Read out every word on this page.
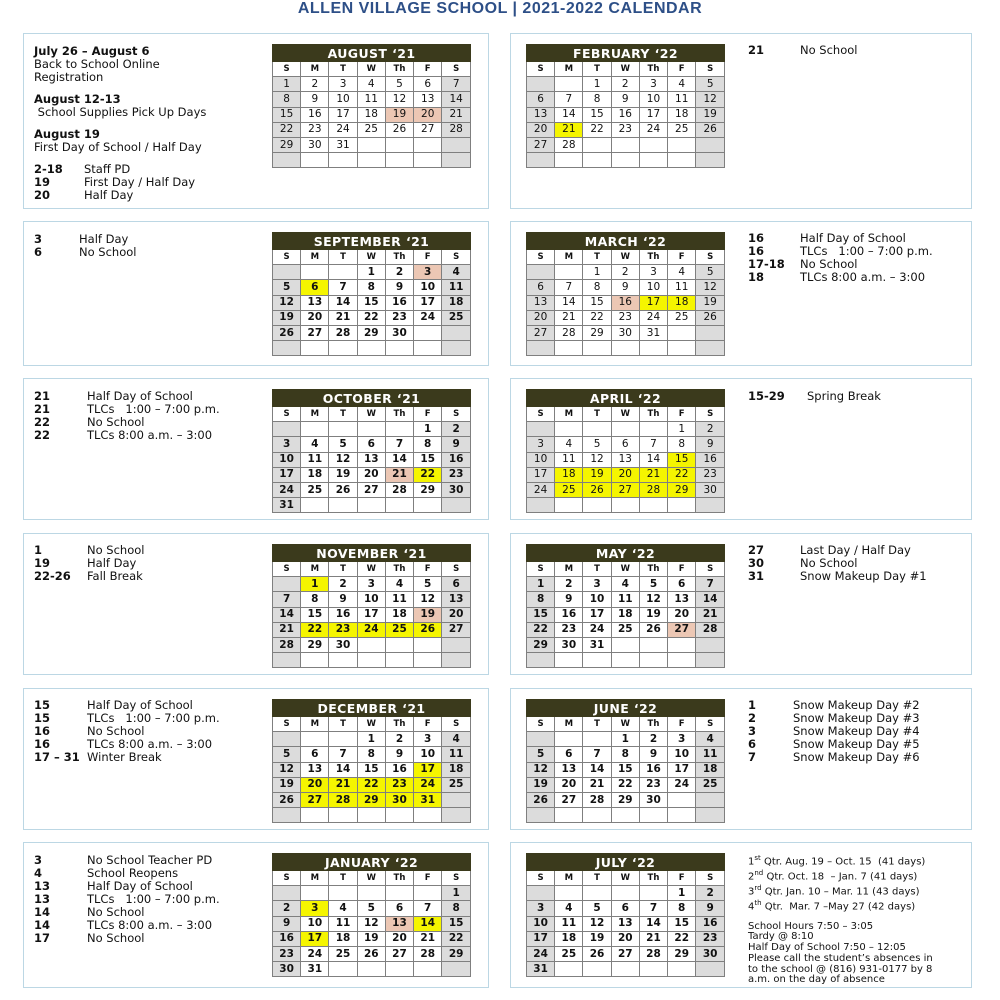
ALLEN VILLAGE SCHOOL | 2021-2022 CALENDAR
AUGUST ‘21						
S	M	T	W	Th	F	S
1	2	3	4	5	6	7
8	9	10	11	12	13	14
15	16	17	18	19	20	21
22	23	24	25	26	27	28
29	30	31				

SEPTEMBER ‘21						
S	M	T	W	Th	F	S
			1	2	3	4
5	6	7	8	9	10	11
12	13	14	15	16	17	18
19	20	21	22	23	24	25
26	27	28	29	30		

OCTOBER ‘21						
S	M	T	W	Th	F	S
					1	2
3	4	5	6	7	8	9
10	11	12	13	14	15	16
17	18	19	20	21	22	23
24	25	26	27	28	29	30
31						
NOVEMBER ‘21						
S	M	T	W	Th	F	S
	1	2	3	4	5	6
7	8	9	10	11	12	13
14	15	16	17	18	19	20
21	22	23	24	25	26	27
28	29	30				

DECEMBER ‘21						
S	M	T	W	Th	F	S
			1	2	3	4
5	6	7	8	9	10	11
12	13	14	15	16	17	18
19	20	21	22	23	24	25
26	27	28	29	30	31	

JANUARY ‘22						
S	M	T	W	Th	F	S
						1
2	3	4	5	6	7	8
9	10	11	12	13	14	15
16	17	18	19	20	21	22
23	24	25	26	27	28	29
30	31					
FEBRUARY ‘22						
S	M	T	W	Th	F	S
		1	2	3	4	5
6	7	8	9	10	11	12
13	14	15	16	17	18	19
20	21	22	23	24	25	26
27	28					

MARCH ‘22						
S	M	T	W	Th	F	S
		1	2	3	4	5
6	7	8	9	10	11	12
13	14	15	16	17	18	19
20	21	22	23	24	25	26
27	28	29	30	31		

APRIL ‘22						
S	M	T	W	Th	F	S
					1	2
3	4	5	6	7	8	9
10	11	12	13	14	15	16
17	18	19	20	21	22	23
24	25	26	27	28	29	30

MAY ‘22						
S	M	T	W	Th	F	S
1	2	3	4	5	6	7
8	9	10	11	12	13	14
15	16	17	18	19	20	21
22	23	24	25	26	27	28
29	30	31				

JUNE ‘22						
S	M	T	W	Th	F	S
			1	2	3	4
5	6	7	8	9	10	11
12	13	14	15	16	17	18
19	20	21	22	23	24	25
26	27	28	29	30		

JULY ‘22						
S	M	T	W	Th	F	S
					1	2
3	4	5	6	7	8	9
10	11	12	13	14	15	16
17	18	19	20	21	22	23
24	25	26	27	28	29	30
31						
July 26 – August 6
Back to School Online
Registration
August 12-13
School Supplies Pick Up Days
August 19
First Day of School / Half Day
2-18	Staff PD
19	First Day / Half Day
20	Half Day
3	Half Day
6	No School
21	Half Day of School
21	TLCs   1:00 – 7:00 p.m.
22	No School
22	TLCs 8:00 a.m. – 3:00
1	No School
19	Half Day
22-26	Fall Break
15	Half Day of School
15	TLCs   1:00 – 7:00 p.m.
16	No School
16	TLCs 8:00 a.m. – 3:00
17 – 31 Winter Break
3	No School Teacher PD
4	School Reopens
13	Half Day of School
13	TLCs   1:00 – 7:00 p.m.
14	No School
14	TLCs 8:00 a.m. – 3:00
17	No School
21	No School
16	Half Day of School
16	TLCs   1:00 – 7:00 p.m.
17-18	No School
18	TLCs 8:00 a.m. – 3:00
15-29	Spring Break
27	Last Day / Half Day
30	No School
31	Snow Makeup Day #1
1	Snow Makeup Day #2
2	Snow Makeup Day #3
3	Snow Makeup Day #4
6	Snow Makeup Day #5
7	Snow Makeup Day #6
1st Qtr. Aug. 19 – Oct. 15  (41 days)
2nd Qtr. Oct. 18  – Jan. 7 (41 days)
3rd Qtr. Jan. 10 – Mar. 11 (43 days)
4th Qtr.  Mar. 7 –May 27 (42 days)
School Hours 7:50 – 3:05
Tardy @ 8:10
Half Day of School 7:50 – 12:05
Please call the student’s absences in
to the school @ (816) 931-0177 by 8
a.m. on the day of absence
